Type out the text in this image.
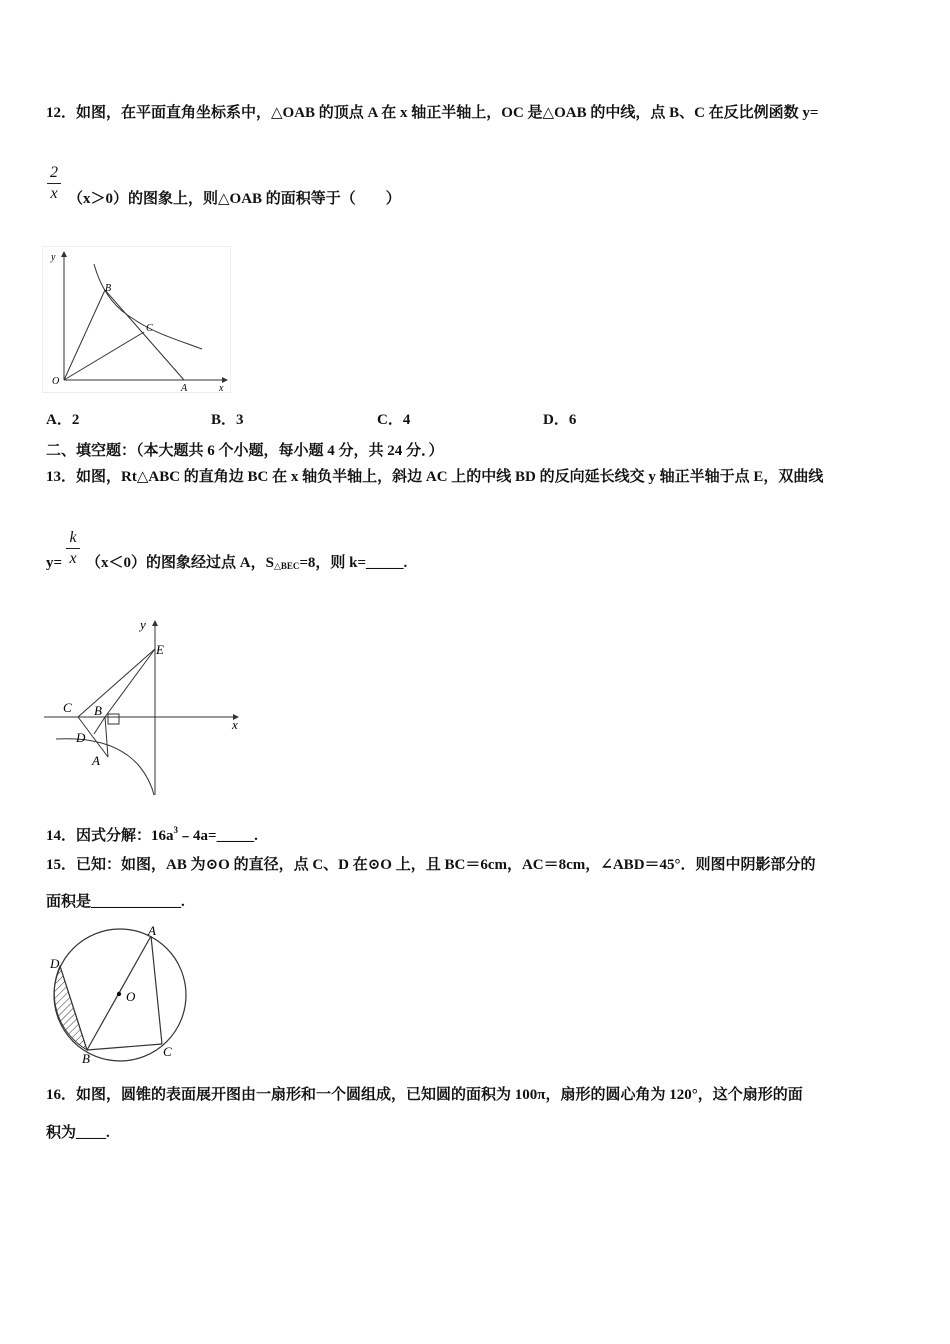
12．如图，在平面直角坐标系中，△OAB 的顶点 A 在 x 轴正半轴上，OC 是△OAB 的中线，点 B、C 在反比例函数 y=
2
x （x＞0）的图象上，则△OAB 的面积等于（　　）
y
x
O
A
B
C
A．2	B．3	C．4	D．6
二、填空题：（本大题共 6 个小题，每小题 4 分，共 24 分．）
13．如图，Rt△ABC 的直角边 BC 在 x 轴负半轴上，斜边 AC 上的中线 BD 的反向延长线交 y 轴正半轴于点 E，双曲线
y=
k
x （x＜0）的图象经过点 A，$S_{\triangle BEC}=8$，则 k=_____.
y
x
E
C B
D
A
14．因式分解：$16a^3﹣4a=\_\_\_\_\_$.
15．已知：如图，AB 为⊙O 的直径，点 C、D 在⊙O 上，且 BC＝6cm，AC＝8cm，∠ABD＝45°．则图中阴影部分的
面积是____________.
A
D
O
B	C
16．如图，圆锥的表面展开图由一扇形和一个圆组成，已知圆的面积为 100π，扇形的圆心角为 120°，这个扇形的面
积为____.
